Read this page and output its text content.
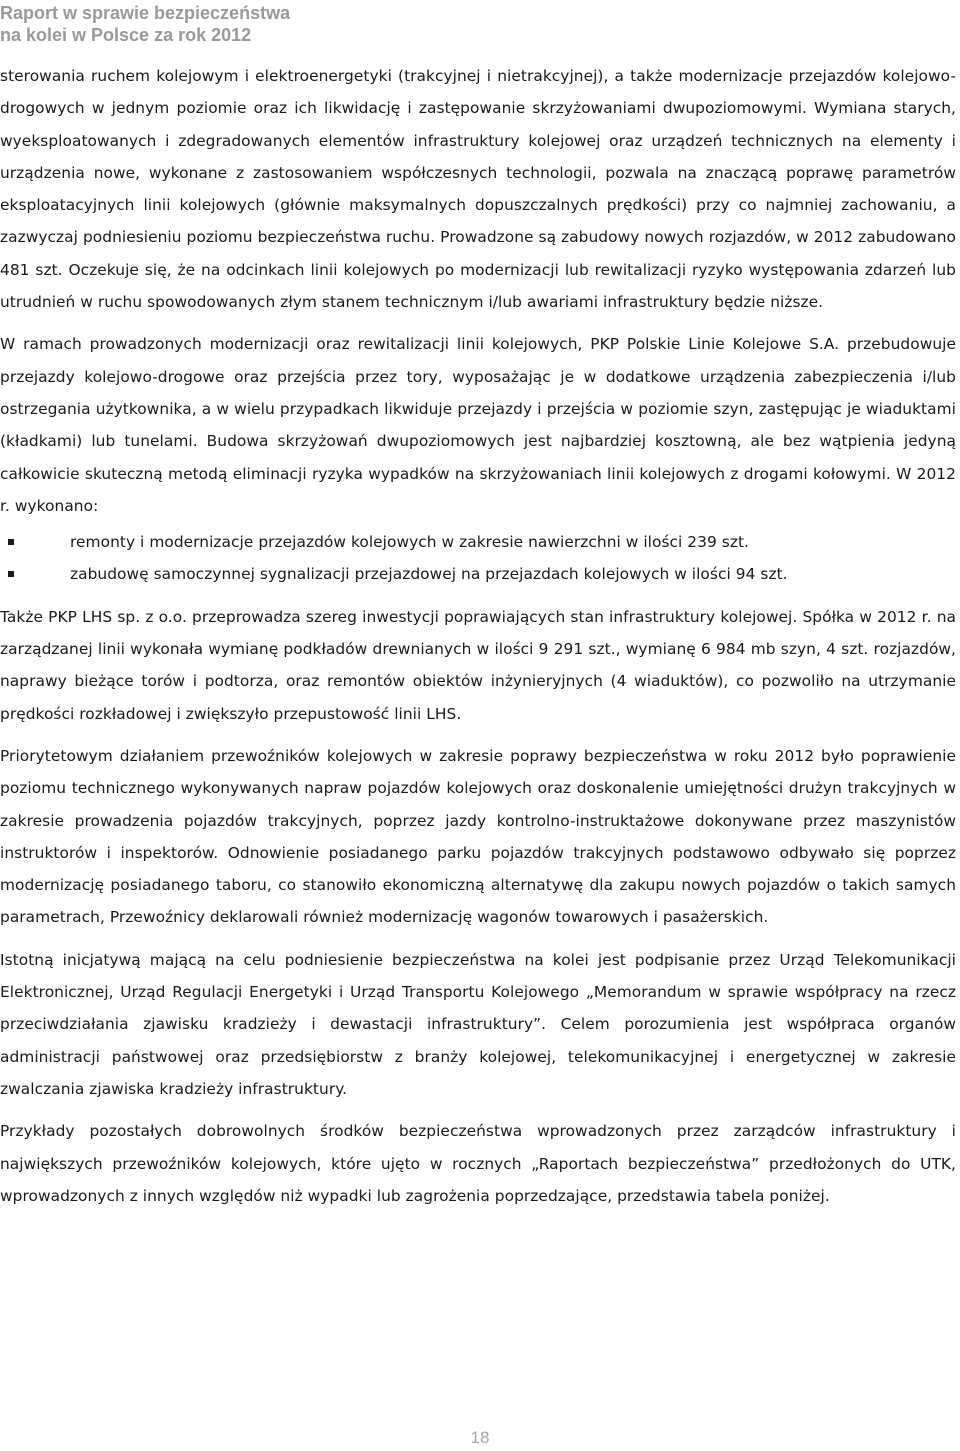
Raport w sprawie bezpieczeństwa
na kolei w Polsce za rok 2012

sterowania ruchem kolejowym i elektroenergetyki (trakcyjnej i nietrakcyjnej), a także modernizacje przejazdów kolejowo-drogowych w jednym poziomie oraz ich likwidację i zastępowanie skrzyżowaniami dwupoziomowymi. Wymiana starych, wyeksploatowanych i zdegradowanych elementów infrastruktury kolejowej oraz urządzeń technicznych na elementy i urządzenia nowe, wykonane z zastosowaniem współczesnych technologii, pozwala na znaczącą poprawę parametrów eksploatacyjnych linii kolejowych (głównie maksymalnych dopuszczalnych prędkości) przy co najmniej zachowaniu, a zazwyczaj podniesieniu poziomu bezpieczeństwa ruchu. Prowadzone są zabudowy nowych rozjazdów, w 2012 zabudowano 481 szt. Oczekuje się, że na odcinkach linii kolejowych po modernizacji lub rewitalizacji ryzyko występowania zdarzeń lub utrudnień w ruchu spowodowanych złym stanem technicznym i/lub awariami infrastruktury będzie niższe.

W ramach prowadzonych modernizacji oraz rewitalizacji linii kolejowych, PKP Polskie Linie Kolejowe S.A. przebudowuje przejazdy kolejowo-drogowe oraz przejścia przez tory, wyposażając je w dodatkowe urządzenia zabezpieczenia i/lub ostrzegania użytkownika, a w wielu przypadkach likwiduje przejazdy i przejścia w poziomie szyn, zastępując je wiaduktami (kładkami) lub tunelami. Budowa skrzyżowań dwupoziomowych jest najbardziej kosztowną, ale bez wątpienia jedyną całkowicie skuteczną metodą eliminacji ryzyka wypadków na skrzyżowaniach linii kolejowych z drogami kołowymi. W 2012 r. wykonano:

remonty i modernizacje przejazdów kolejowych w zakresie nawierzchni w ilości 239 szt.
zabudowę samoczynnej sygnalizacji przejazdowej na przejazdach kolejowych w ilości 94 szt.

Także PKP LHS sp. z o.o. przeprowadza szereg inwestycji poprawiających stan infrastruktury kolejowej. Spółka w 2012 r. na zarządzanej linii wykonała wymianę podkładów drewnianych w ilości 9 291 szt., wymianę 6 984 mb szyn, 4 szt. rozjazdów, naprawy bieżące torów i podtorza, oraz remontów obiektów inżynieryjnych (4 wiaduktów), co pozwoliło na utrzymanie prędkości rozkładowej i zwiększyło przepustowość linii LHS.

Priorytetowym działaniem przewoźników kolejowych w zakresie poprawy bezpieczeństwa w roku 2012 było poprawienie poziomu technicznego wykonywanych napraw pojazdów kolejowych oraz doskonalenie umiejętności drużyn trakcyjnych w zakresie prowadzenia pojazdów trakcyjnych, poprzez jazdy kontrolno-instruktażowe dokonywane przez maszynistów instruktorów i inspektorów. Odnowienie posiadanego parku pojazdów trakcyjnych podstawowo odbywało się poprzez modernizację posiadanego taboru, co stanowiło ekonomiczną alternatywę dla zakupu nowych pojazdów o takich samych parametrach, Przewoźnicy deklarowali również modernizację wagonów towarowych i pasażerskich.

Istotną inicjatywą mającą na celu podniesienie bezpieczeństwa na kolei jest podpisanie przez Urząd Telekomunikacji Elektronicznej, Urząd Regulacji Energetyki i Urząd Transportu Kolejowego „Memorandum w sprawie współpracy na rzecz przeciwdziałania zjawisku kradzieży i dewastacji infrastruktury”. Celem porozumienia jest współpraca organów administracji państwowej oraz przedsiębiorstw z branży kolejowej, telekomunikacyjnej i energetycznej w zakresie zwalczania zjawiska kradzieży infrastruktury.

Przykłady pozostałych dobrowolnych środków bezpieczeństwa wprowadzonych przez zarządców infrastruktury i największych przewoźników kolejowych, które ujęto w rocznych „Raportach bezpieczeństwa” przedłożonych do UTK, wprowadzonych z innych względów niż wypadki lub zagrożenia poprzedzające, przedstawia tabela poniżej.

18
